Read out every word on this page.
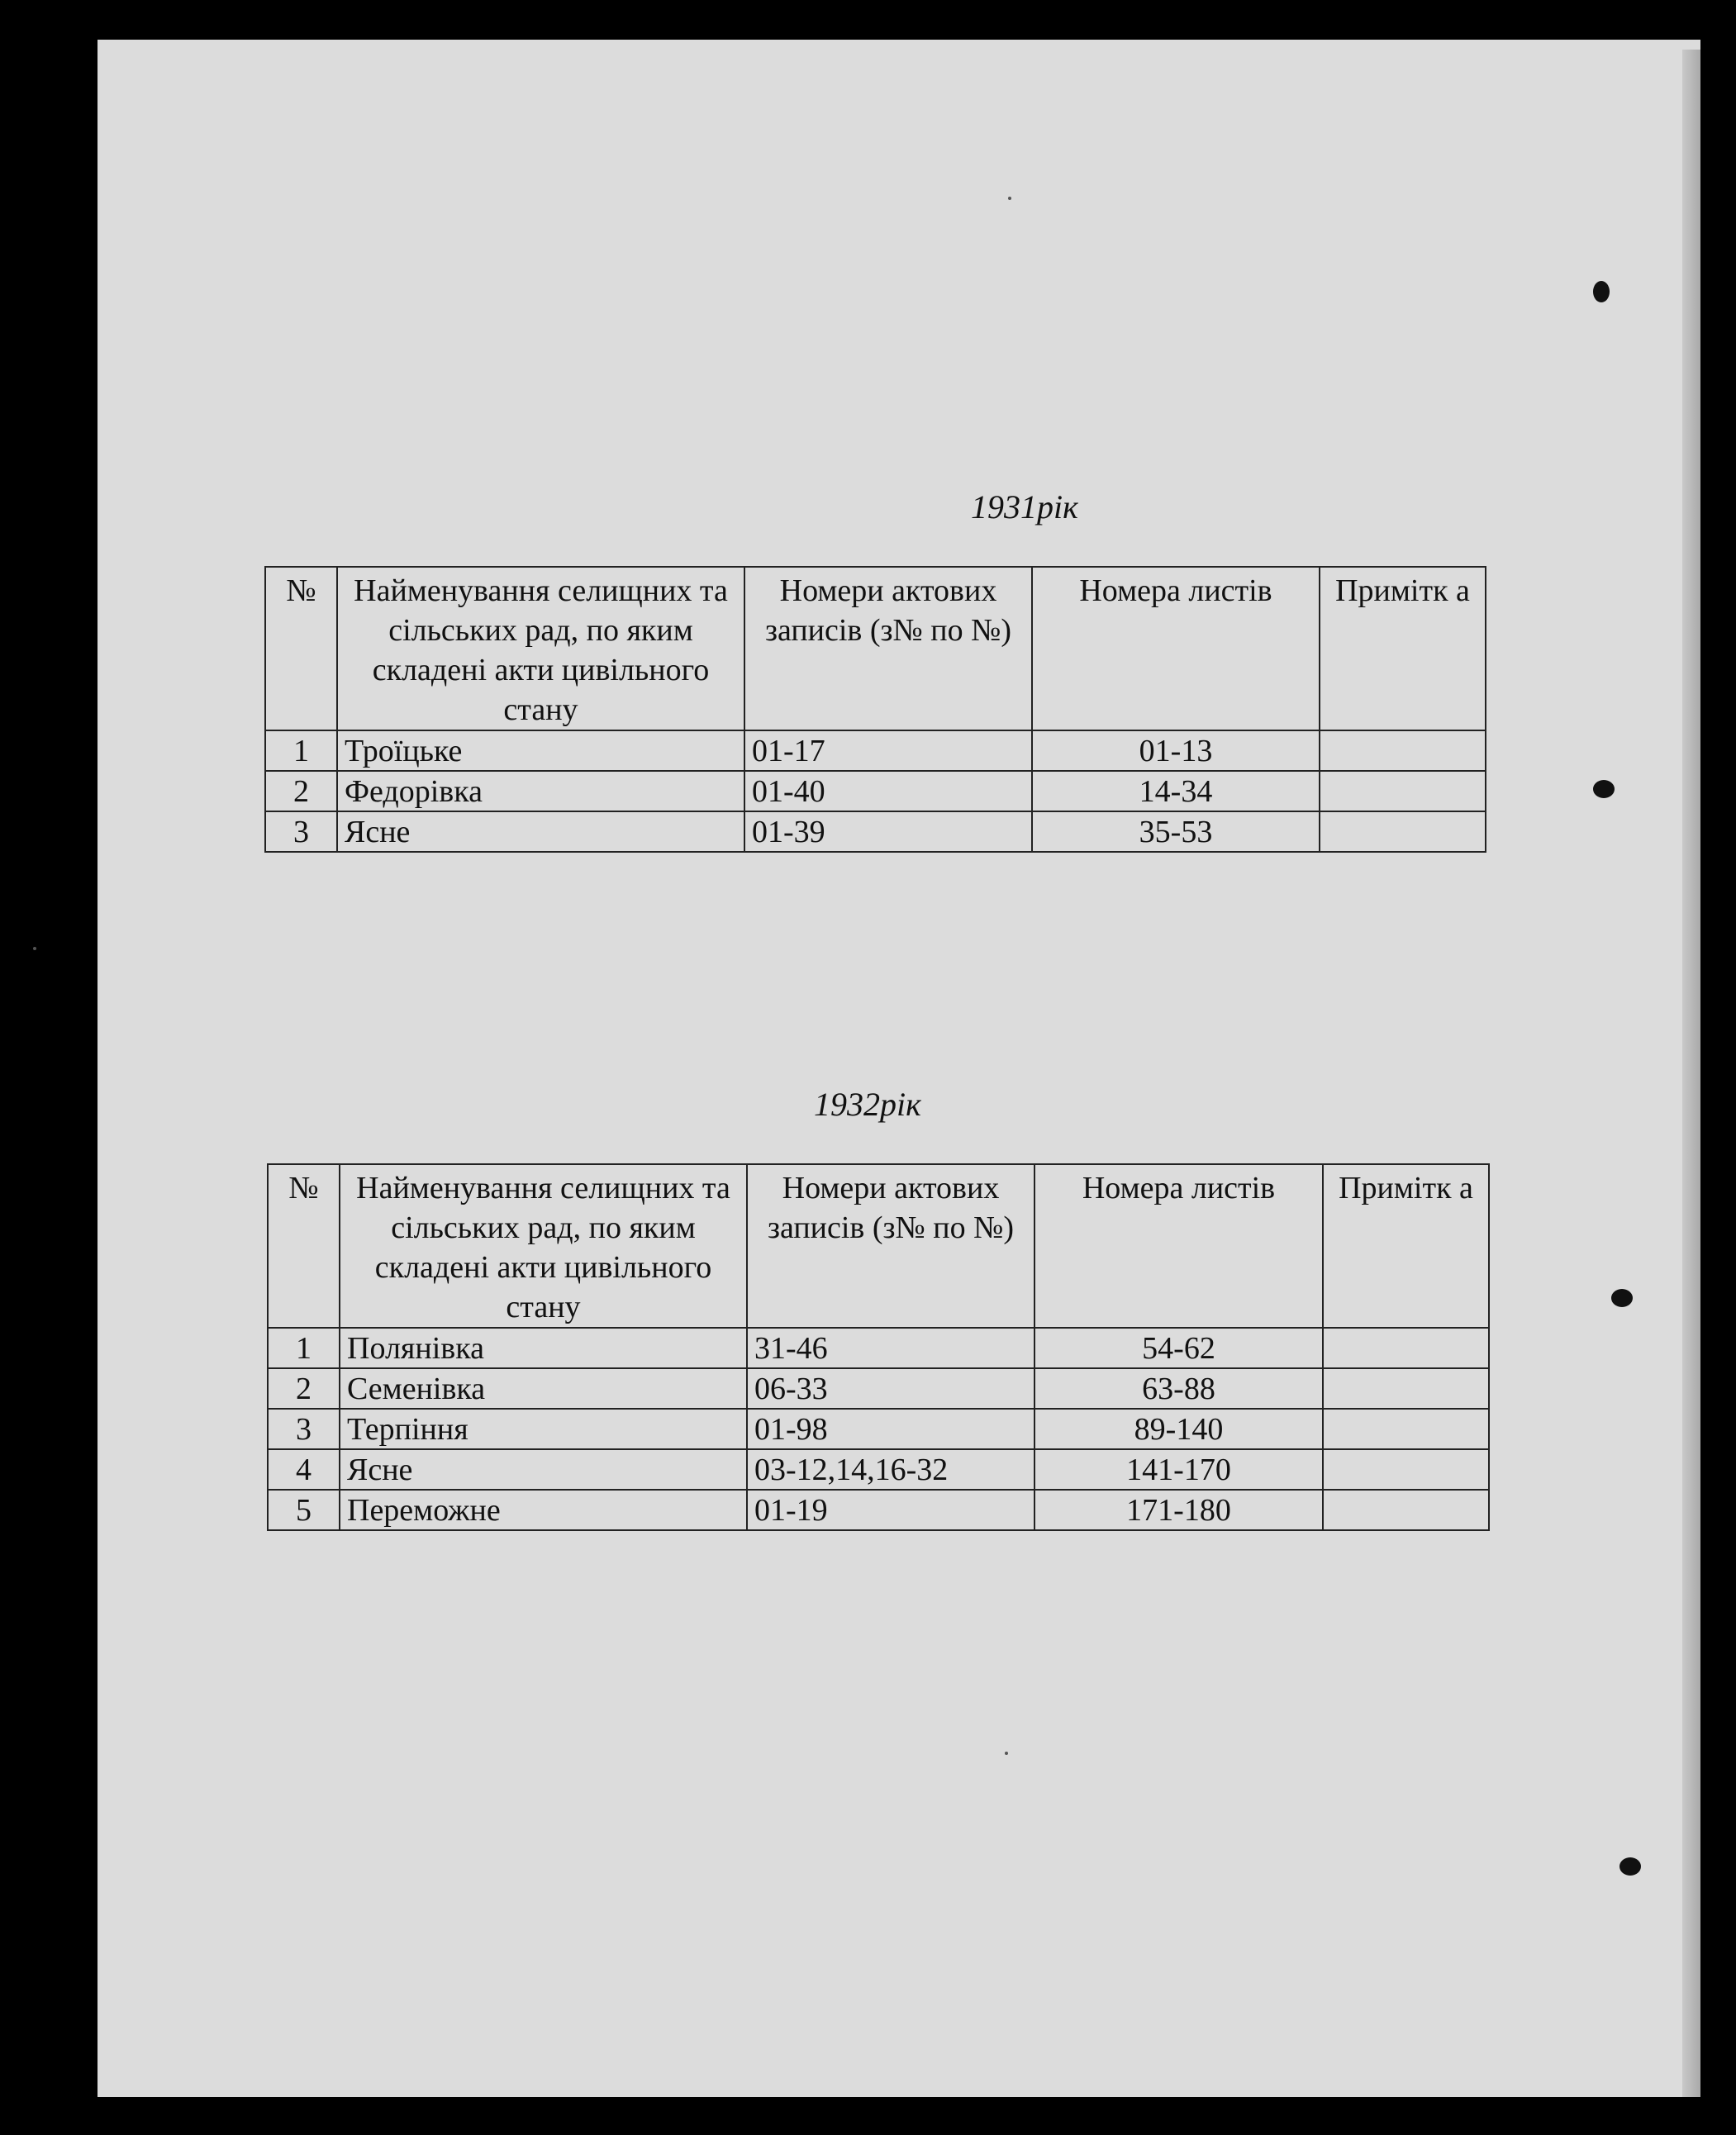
1931рік
№	Найменування селищних та сільських рад, по яким складені акти цивільного стану	Номери актових записів (з№ по №)	Номера листів	Примітк а
1	Троїцьке	01-17	01-13	
2	Федорівка	01-40	14-34	
3	Ясне	01-39	35-53	
1932рік
№	Найменування селищних та сільських рад, по яким складені акти цивільного стану	Номери актових записів (з№ по №)	Номера листів	Примітк а
1	Полянівка	31-46	54-62	
2	Семенівка	06-33	63-88	
3	Терпіння	01-98	89-140	
4	Ясне	03-12,14,16-32	141-170	
5	Переможне	01-19	171-180	
